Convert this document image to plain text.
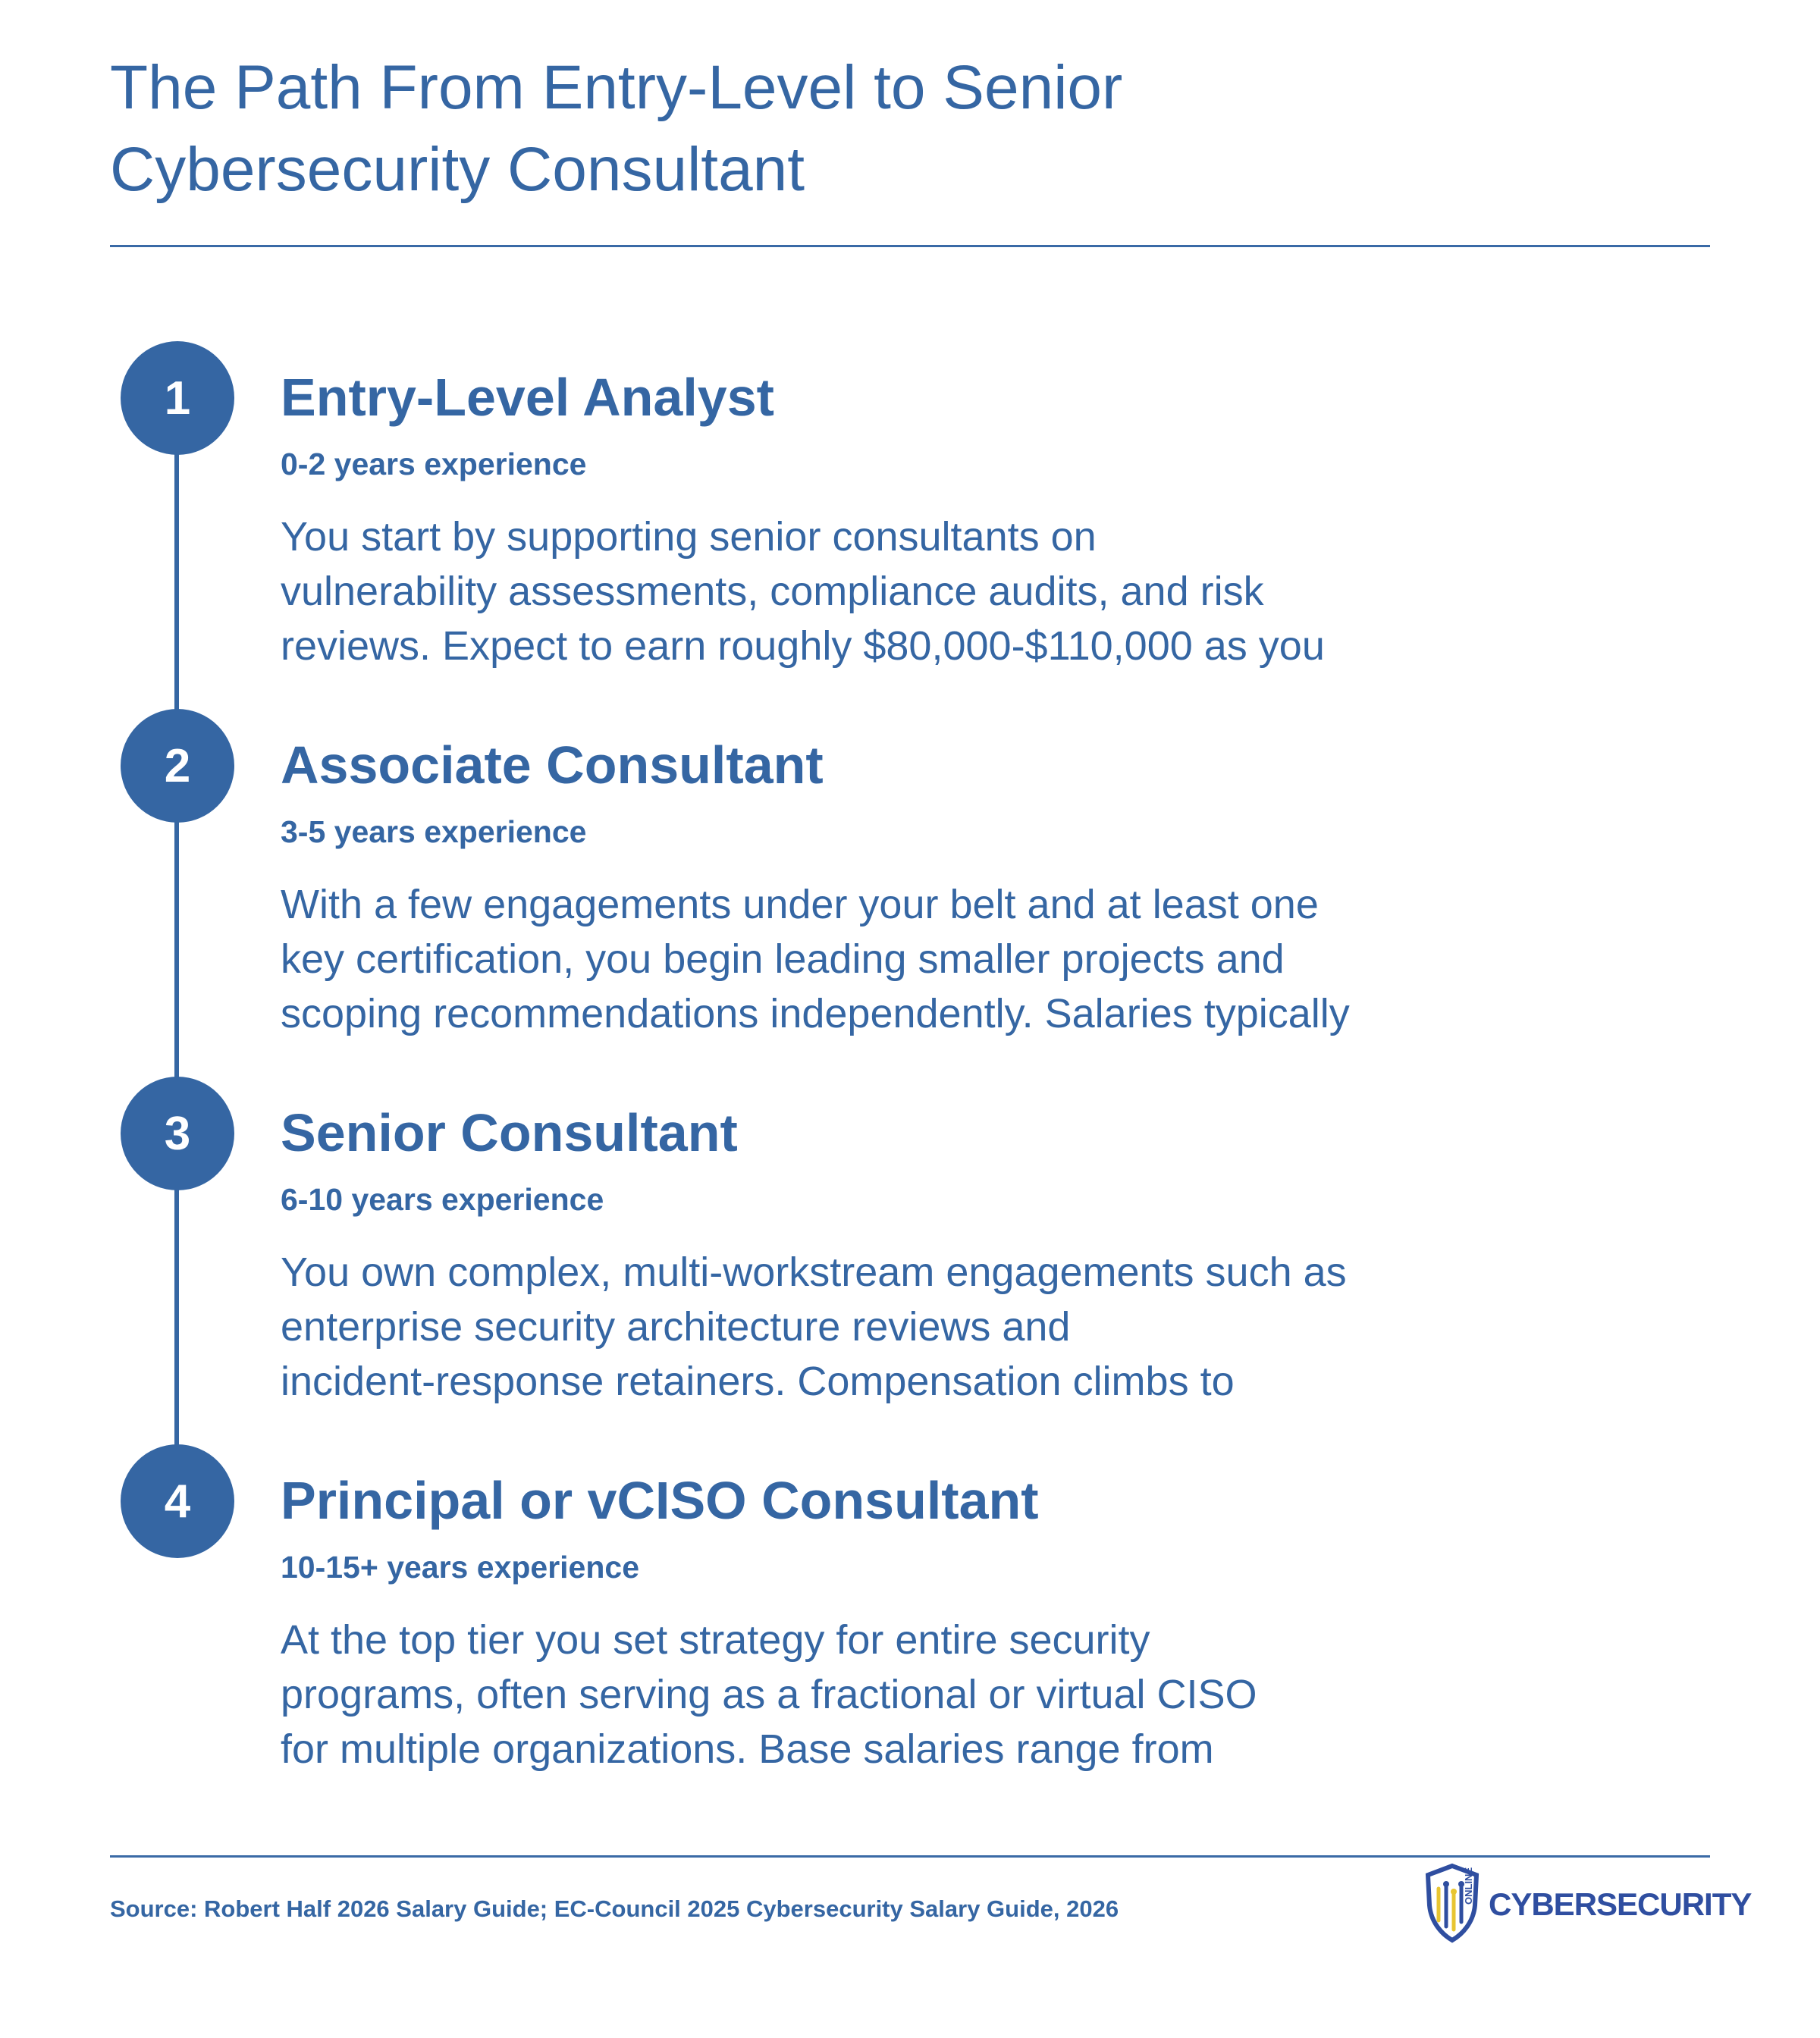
The Path From Entry-Level to Senior
Cybersecurity Consultant
1 Entry-Level Analyst
0-2 years experience
You start by supporting senior consultants on
vulnerability assessments, compliance audits, and risk
reviews. Expect to earn roughly $80,000-$110,000 as you
2 Associate Consultant
3-5 years experience
With a few engagements under your belt and at least one
key certification, you begin leading smaller projects and
scoping recommendations independently. Salaries typically
3 Senior Consultant
6-10 years experience
You own complex, multi-workstream engagements such as
enterprise security architecture reviews and
incident-response retainers. Compensation climbs to
4 Principal or vCISO Consultant
10-15+ years experience
At the top tier you set strategy for entire security
programs, often serving as a fractional or virtual CISO
for multiple organizations. Base salaries range from
Source: Robert Half 2026 Salary Guide; EC-Council 2025 Cybersecurity Salary Guide, 2026
ONLINE CYBERSECURITY
